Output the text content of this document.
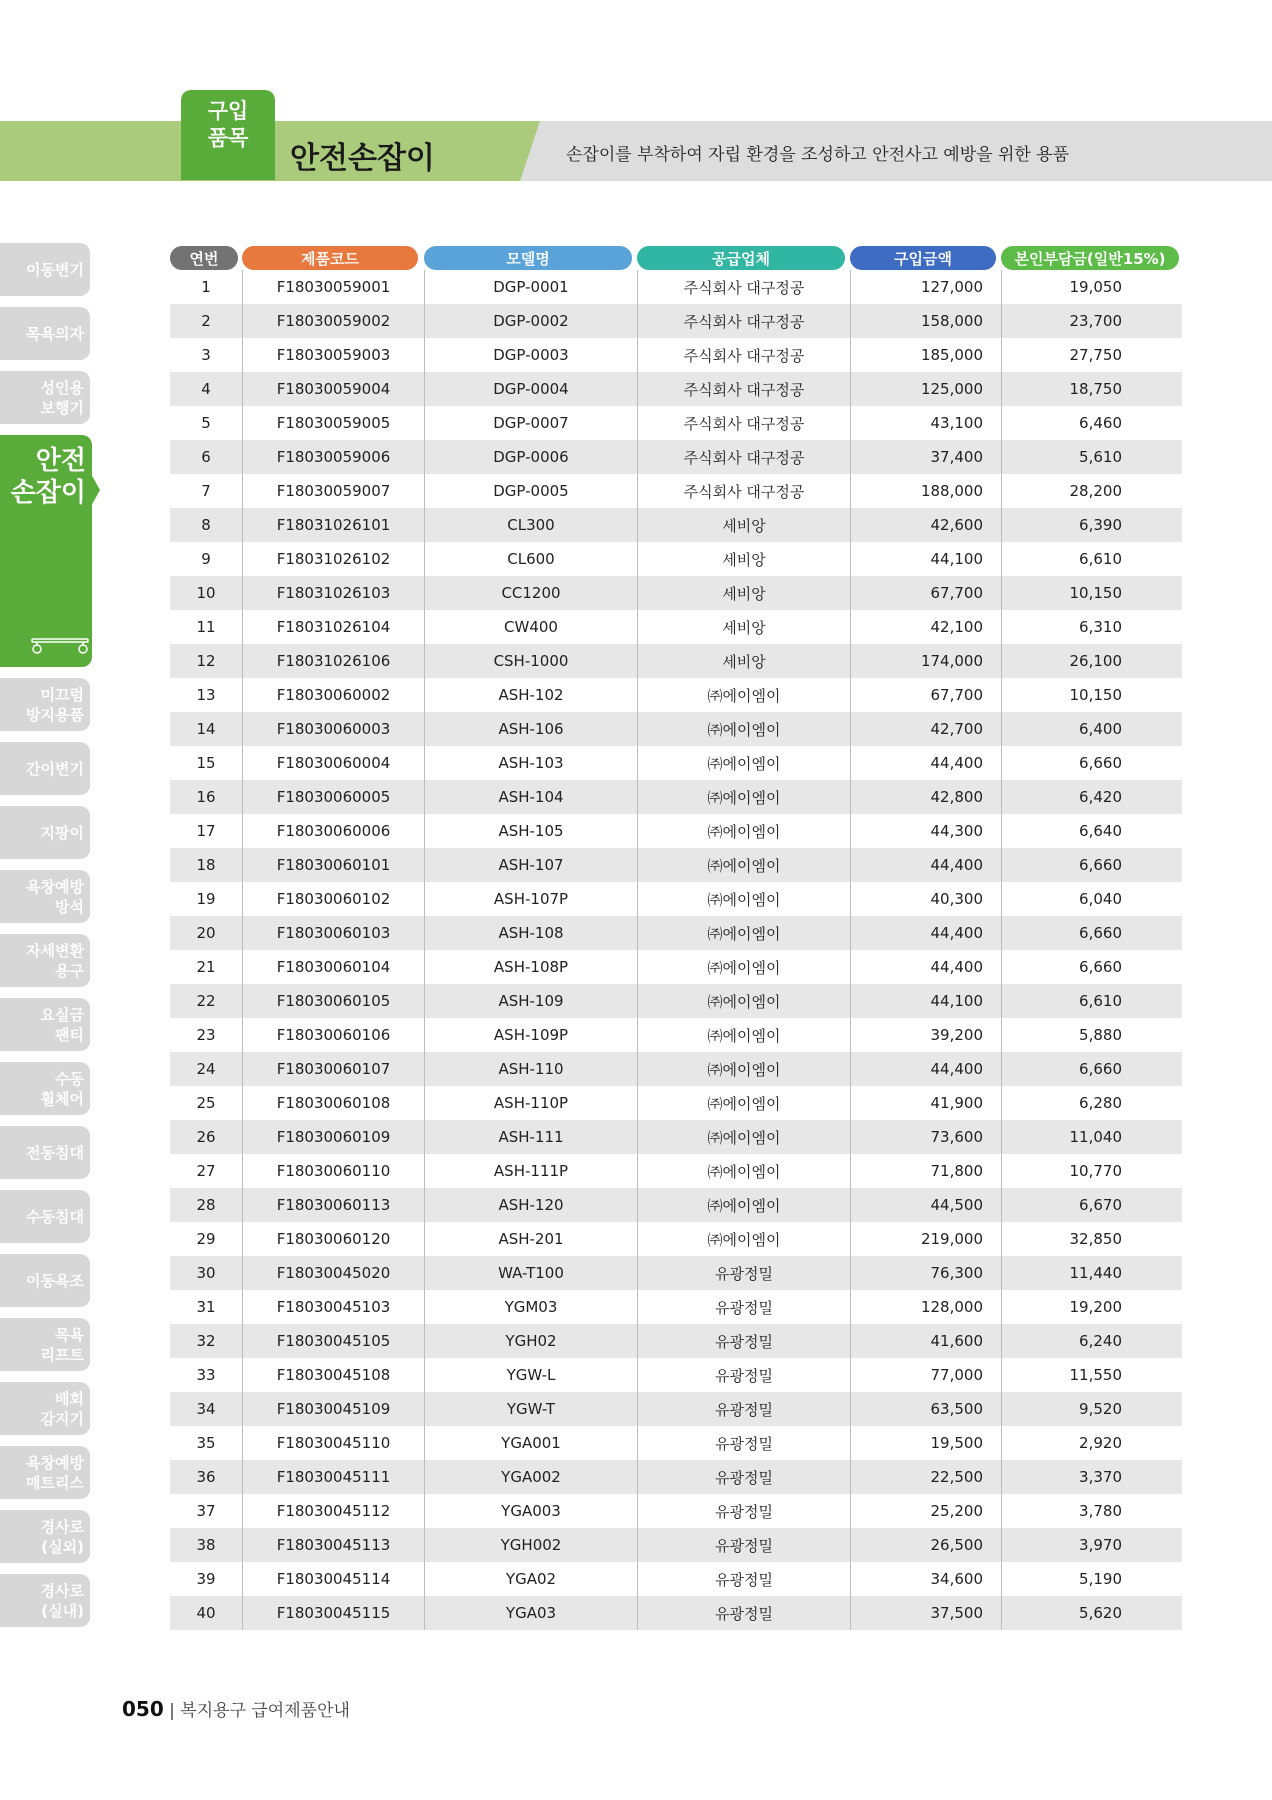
구입
품목
안전손잡이	손잡이를 부착하여 자립 환경을 조성하고 안전사고 예방을 위한 용품
이동변기
목욕의자
성인용
보행기
안전
손잡이
미끄럼
방지용품
간이변기
지팡이
욕창예방
방석
자세변환
용구
요실금
팬티
수동
휠체어
전동침대
수동침대
이동욕조
목욕
리프트
배회
감지기
욕창예방
매트리스
경사로
(실외)
경사로
(실내)
연번	제품코드	모델명	공급업체	구입금액	본인부담금(일반15%)
1	F18030059001	DGP-0001	주식회사 대구정공	127,000	19,050
2	F18030059002	DGP-0002	주식회사 대구정공	158,000	23,700
3	F18030059003	DGP-0003	주식회사 대구정공	185,000	27,750
4	F18030059004	DGP-0004	주식회사 대구정공	125,000	18,750
5	F18030059005	DGP-0007	주식회사 대구정공	43,100	6,460
6	F18030059006	DGP-0006	주식회사 대구정공	37,400	5,610
7	F18030059007	DGP-0005	주식회사 대구정공	188,000	28,200
8	F18031026101	CL300	세비앙	42,600	6,390
9	F18031026102	CL600	세비앙	44,100	6,610
10	F18031026103	CC1200	세비앙	67,700	10,150
11	F18031026104	CW400	세비앙	42,100	6,310
12	F18031026106	CSH-1000	세비앙	174,000	26,100
13	F18030060002	ASH-102	㈜에이엠이	67,700	10,150
14	F18030060003	ASH-106	㈜에이엠이	42,700	6,400
15	F18030060004	ASH-103	㈜에이엠이	44,400	6,660
16	F18030060005	ASH-104	㈜에이엠이	42,800	6,420
17	F18030060006	ASH-105	㈜에이엠이	44,300	6,640
18	F18030060101	ASH-107	㈜에이엠이	44,400	6,660
19	F18030060102	ASH-107P	㈜에이엠이	40,300	6,040
20	F18030060103	ASH-108	㈜에이엠이	44,400	6,660
21	F18030060104	ASH-108P	㈜에이엠이	44,400	6,660
22	F18030060105	ASH-109	㈜에이엠이	44,100	6,610
23	F18030060106	ASH-109P	㈜에이엠이	39,200	5,880
24	F18030060107	ASH-110	㈜에이엠이	44,400	6,660
25	F18030060108	ASH-110P	㈜에이엠이	41,900	6,280
26	F18030060109	ASH-111	㈜에이엠이	73,600	11,040
27	F18030060110	ASH-111P	㈜에이엠이	71,800	10,770
28	F18030060113	ASH-120	㈜에이엠이	44,500	6,670
29	F18030060120	ASH-201	㈜에이엠이	219,000	32,850
30	F18030045020	WA-T100	유광정밀	76,300	11,440
31	F18030045103	YGM03	유광정밀	128,000	19,200
32	F18030045105	YGH02	유광정밀	41,600	6,240
33	F18030045108	YGW-L	유광정밀	77,000	11,550
34	F18030045109	YGW-T	유광정밀	63,500	9,520
35	F18030045110	YGA001	유광정밀	19,500	2,920
36	F18030045111	YGA002	유광정밀	22,500	3,370
37	F18030045112	YGA003	유광정밀	25,200	3,780
38	F18030045113	YGH002	유광정밀	26,500	3,970
39	F18030045114	YGA02	유광정밀	34,600	5,190
40	F18030045115	YGA03	유광정밀	37,500	5,620
050 | 복지용구 급여제품안내
